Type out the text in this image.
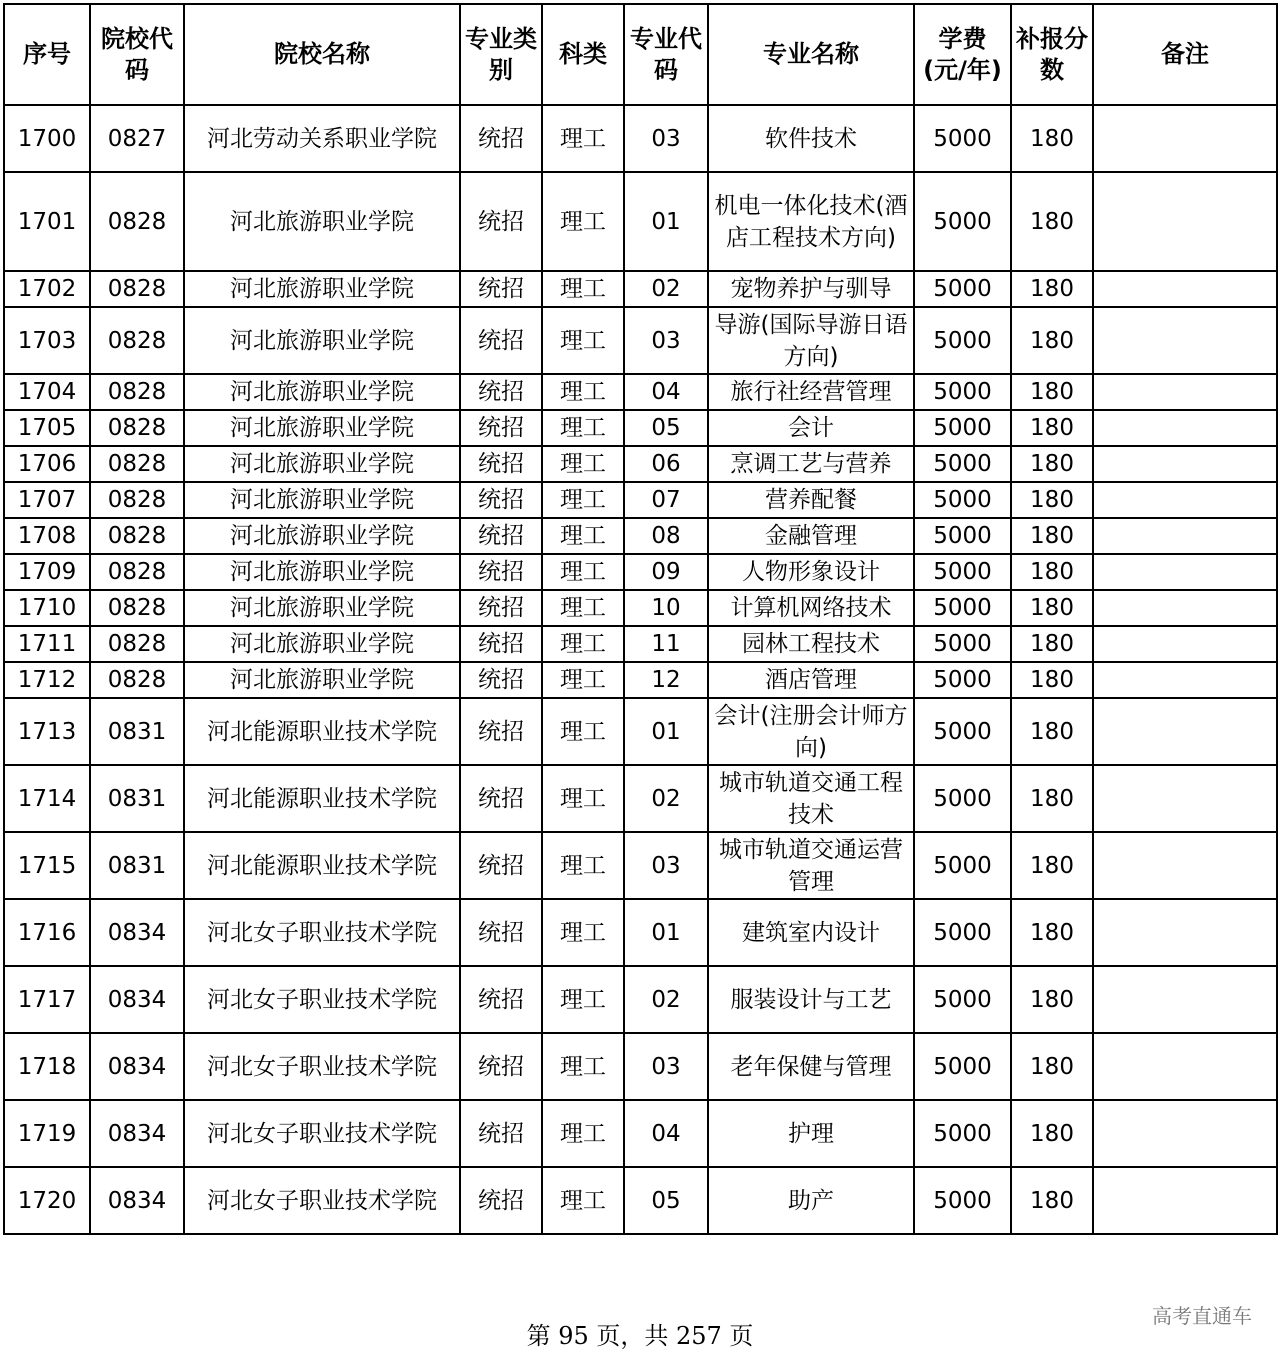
序号	院校代码	院校名称	专业类别	科类	专业代码	专业名称	学费(元/年)	补报分数	备注
1700	0827	河北劳动关系职业学院	统招	理工	03	软件技术	5000	180	
1701	0828	河北旅游职业学院	统招	理工	01	机电一体化技术(酒店工程技术方向)	5000	180	
1702	0828	河北旅游职业学院	统招	理工	02	宠物养护与驯导	5000	180	
1703	0828	河北旅游职业学院	统招	理工	03	导游(国际导游日语方向)	5000	180	
1704	0828	河北旅游职业学院	统招	理工	04	旅行社经营管理	5000	180	
1705	0828	河北旅游职业学院	统招	理工	05	会计	5000	180	
1706	0828	河北旅游职业学院	统招	理工	06	烹调工艺与营养	5000	180	
1707	0828	河北旅游职业学院	统招	理工	07	营养配餐	5000	180	
1708	0828	河北旅游职业学院	统招	理工	08	金融管理	5000	180	
1709	0828	河北旅游职业学院	统招	理工	09	人物形象设计	5000	180	
1710	0828	河北旅游职业学院	统招	理工	10	计算机网络技术	5000	180	
1711	0828	河北旅游职业学院	统招	理工	11	园林工程技术	5000	180	
1712	0828	河北旅游职业学院	统招	理工	12	酒店管理	5000	180	
1713	0831	河北能源职业技术学院	统招	理工	01	会计(注册会计师方向)	5000	180	
1714	0831	河北能源职业技术学院	统招	理工	02	城市轨道交通工程技术	5000	180	
1715	0831	河北能源职业技术学院	统招	理工	03	城市轨道交通运营管理	5000	180	
1716	0834	河北女子职业技术学院	统招	理工	01	建筑室内设计	5000	180	
1717	0834	河北女子职业技术学院	统招	理工	02	服装设计与工艺	5000	180	
1718	0834	河北女子职业技术学院	统招	理工	03	老年保健与管理	5000	180	
1719	0834	河北女子职业技术学院	统招	理工	04	护理	5000	180	
1720	0834	河北女子职业技术学院	统招	理工	05	助产	5000	180	
第 95 页，共 257 页
高考直通车
